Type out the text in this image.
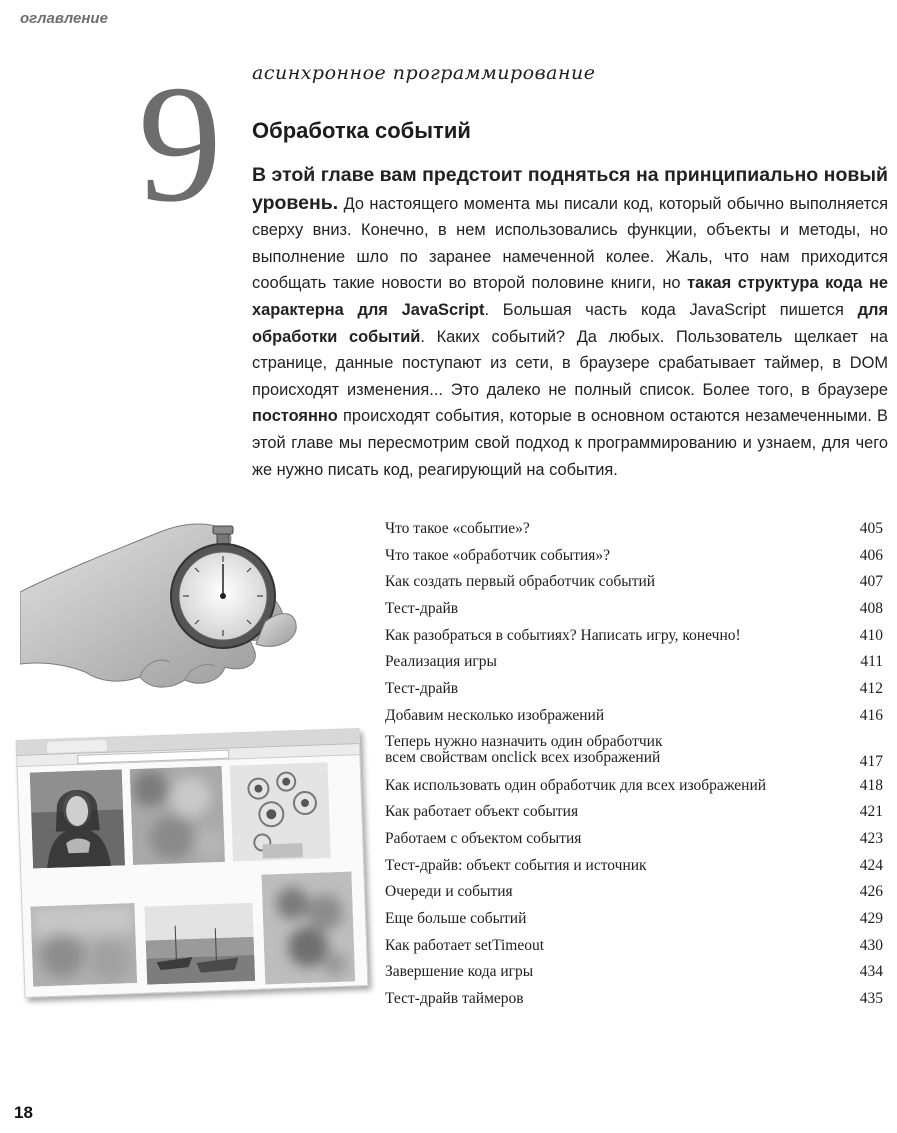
оглавление
9 асинхронное программирование
Обработка событий

В этой главе вам предстоит подняться на принципиально новый уровень. До настоящего момента мы писали код, который обычно выполняется сверху вниз. Конечно, в нем использовались функции, объекты и методы, но выполнение шло по заранее намеченной колее. Жаль, что нам приходится сообщать такие новости во второй половине книги, но такая структура кода не характерна для JavaScript. Большая часть кода JavaScript пишется для обработки событий. Каких событий? Да любых. Пользователь щелкает на странице, данные поступают из сети, в браузере срабатывает таймер, в DOM происходят изменения... Это далеко не полный список. Более того, в браузере постоянно происходят события, которые в основном остаются незамеченными. В этой главе мы пересмотрим свой подход к программированию и узнаем, для чего же нужно писать код, реагирующий на события.

Что такое «событие»?	405
Что такое «обработчик события»?	406
Как создать первый обработчик событий	407
Тест-драйв	408
Как разобраться в событиях? Написать игру, конечно!	410
Реализация игры	411
Тест-драйв	412
Добавим несколько изображений	416
Теперь нужно назначить один обработчик
всем свойствам onclick всех изображений	417
Как использовать один обработчик для всех изображений	418
Как работает объект события	421
Работаем с объектом события	423
Тест-драйв: объект события и источник	424
Очереди и события	426
Еще больше событий	429
Как работает setTimeout	430
Завершение кода игры	434
Тест-драйв таймеров	435
18
